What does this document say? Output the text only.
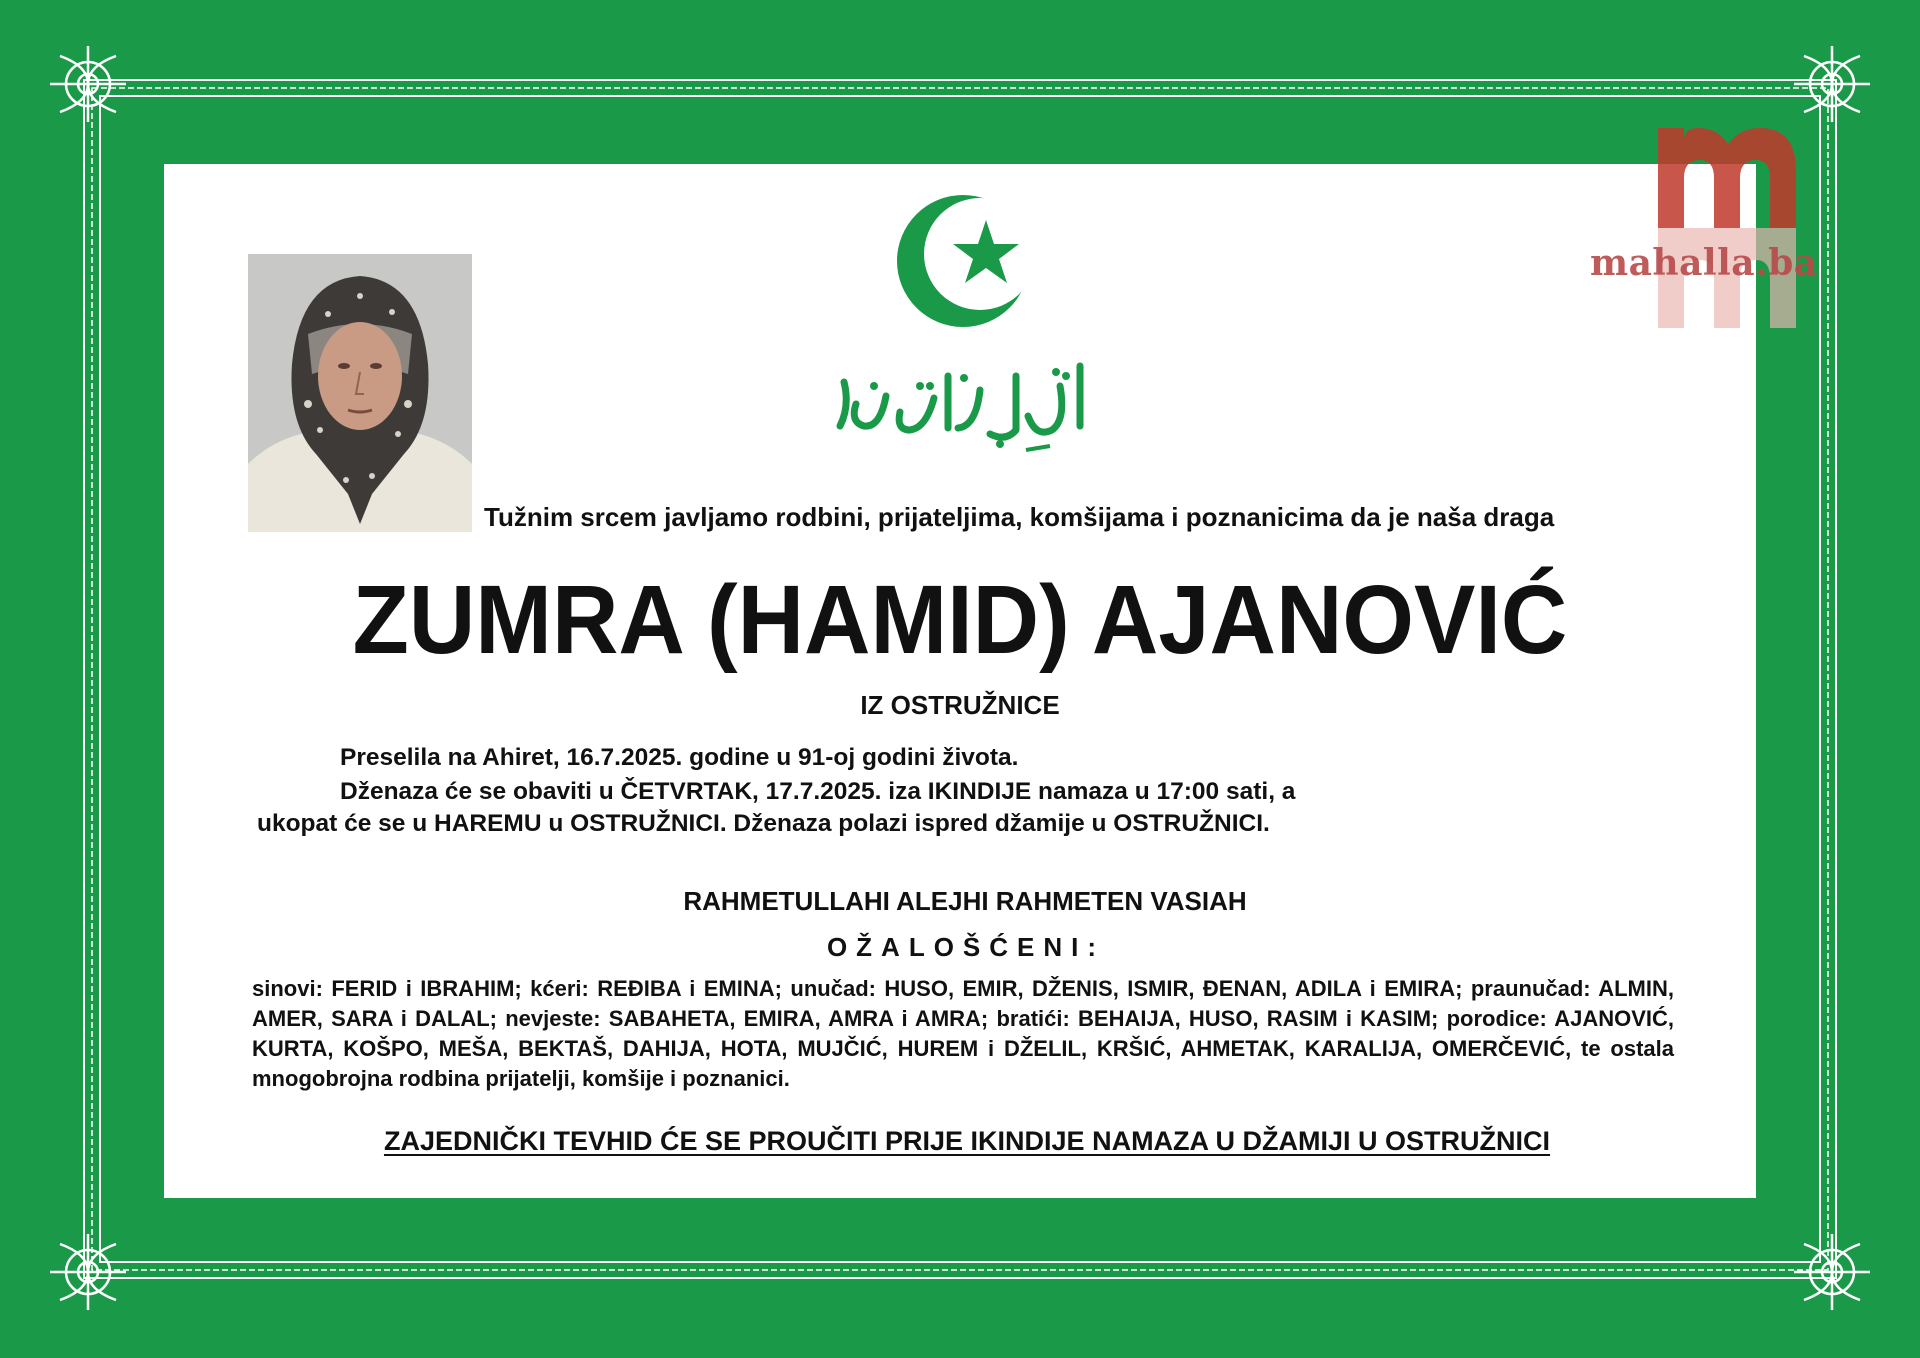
mahalla.ba
Tužnim srcem javljamo rodbini, prijateljima, komšijama i poznanicima da je naša draga
ZUMRA (HAMID) AJANOVIĆ
IZ OSTRUŽNICE
Preselila na Ahiret, 16.7.2025. godine u 91-oj godini života.
Dženaza će se obaviti u ČETVRTAK, 17.7.2025. iza IKINDIJE namaza u 17:00 sati, a
ukopat će se u HAREMU u OSTRUŽNICI. Dženaza polazi ispred džamije u OSTRUŽNICI.
RAHMETULLAHI ALEJHI RAHMETEN VASIAH
OŽALOŠĆENI:
sinovi: FERID i IBRAHIM; kćeri: REĐIBA i EMINA; unučad: HUSO, EMIR, DŽENIS, ISMIR, ĐENAN, ADILA i EMIRA; praunučad: ALMIN, AMER, SARA i DALAL; nevjeste: SABAHETA, EMIRA, AMRA i AMRA; bratići: BEHAIJA, HUSO, RASIM i KASIM; porodice: AJANOVIĆ, KURTA, KOŠPO, MEŠA, BEKTAŠ, DAHIJA, HOTA, MUJČIĆ, HUREM i DŽELIL, KRŠIĆ, AHMETAK, KARALIJA, OMERČEVIĆ, te ostala mnogobrojna rodbina prijatelji, komšije i poznanici.
ZAJEDNIČKI TEVHID ĆE SE PROUČITI PRIJE IKINDIJE NAMAZA U DŽAMIJI U OSTRUŽNICI
